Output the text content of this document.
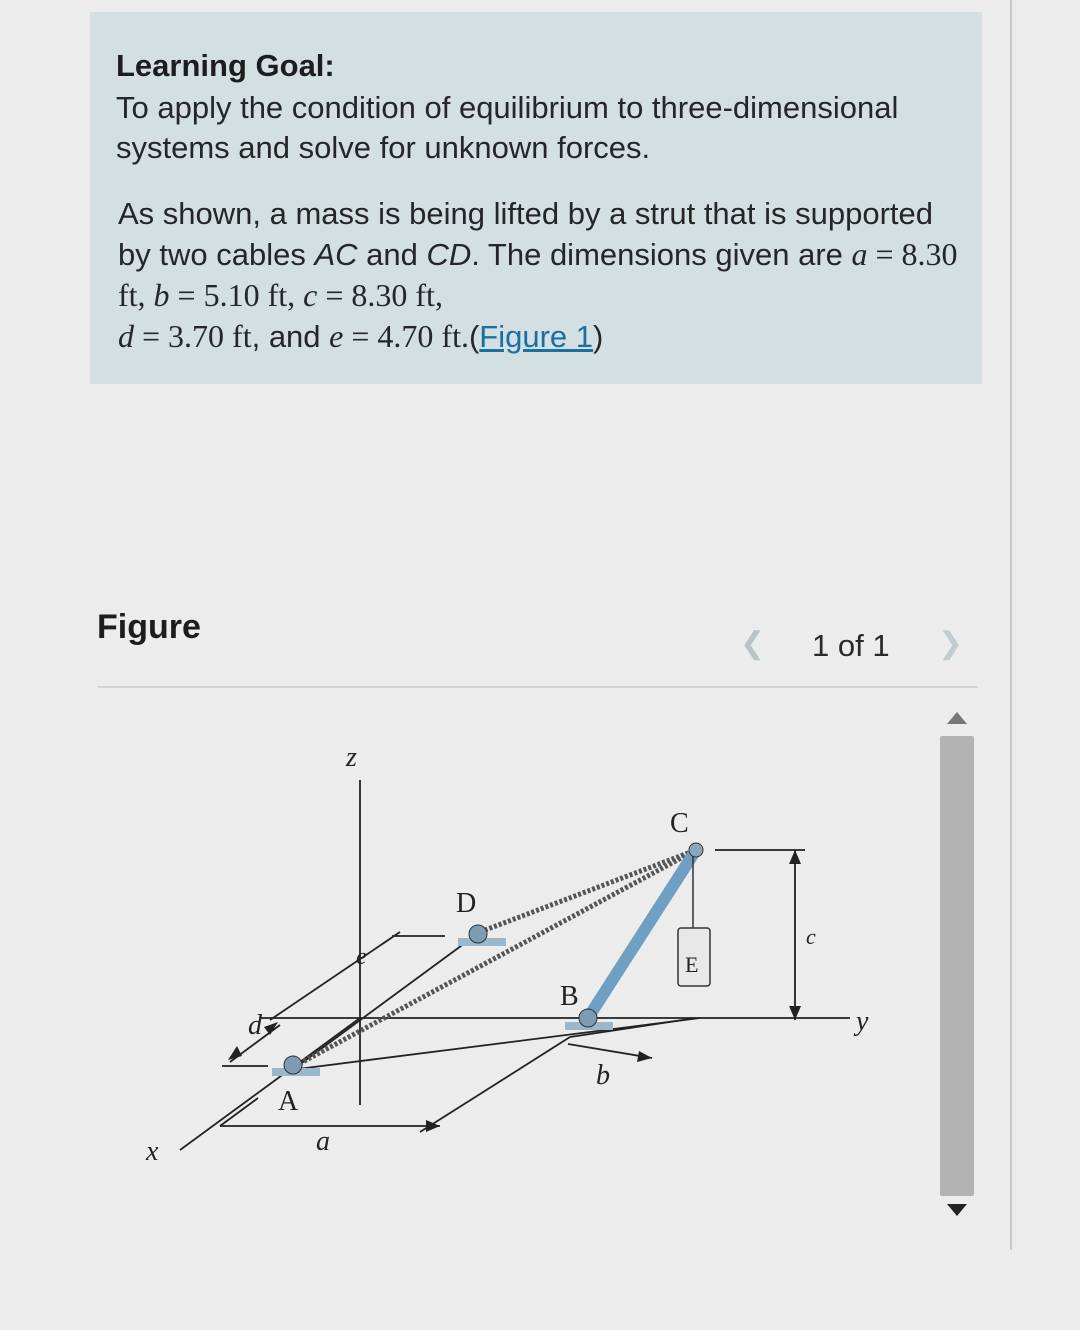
Learning Goal:
To apply the condition of equilibrium to three-dimensional systems and solve for unknown forces.
As shown, a mass is being lifted by a strut that is supported by two cables AC and CD. The dimensions given are a = 8.30 ft, b = 5.10 ft, c = 8.30 ft,
d = 3.70 ft, and e = 4.70 ft.(Figure 1)
Figure	❮ 1 of 1 ❯
z
x
y
A
B
C
D
E
a
b
c
d
e
